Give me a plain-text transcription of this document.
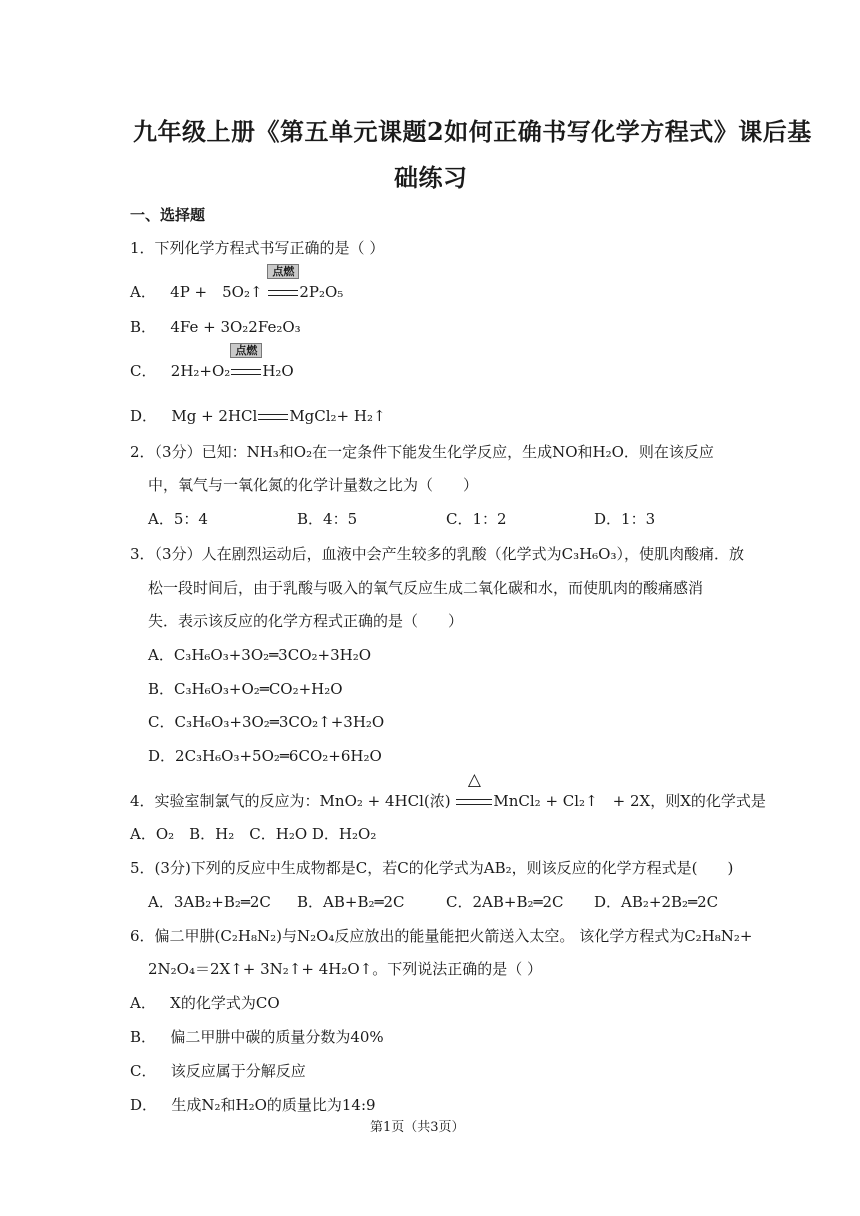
九年级上册《第五单元课题2如何正确书写化学方程式》课后基
础练习
一、选择题
1．下列化学方程式书写正确的是（ ）
A． 4P +　5O₂↑
点燃
2P₂O₅
B． 4Fe + 3O₂2Fe₂O₃
C． 2H₂+O₂
点燃
H₂O
D． Mg + 2HCl MgCl₂+ H₂↑
2．（3分）已知：NH₃和O₂在一定条件下能发生化学反应，生成NO和H₂O．则在该反应
中，氧气与一氧化氮的化学计量数之比为（　　）
A．5：4	B．4：5	C．1：2	D．1：3
3．（3分）人在剧烈运动后，血液中会产生较多的乳酸（化学式为C₃H₆O₃），使肌肉酸痛．放
松一段时间后，由于乳酸与吸入的氧气反应生成二氧化碳和水，而使肌肉的酸痛感消
失．表示该反应的化学方程式正确的是（　　）
A．C₃H₆O₃+3O₂═3CO₂+3H₂O
B．C₃H₆O₃+O₂═CO₂+H₂O
C．C₃H₆O₃+3O₂═3CO₂↑+3H₂O
D．2C₃H₆O₃+5O₂═6CO₂+6H₂O
4．实验室制氯气的反应为：MnO₂ + 4HCl(浓)
△
MnCl₂ + Cl₂↑　+ 2X，则X的化学式是
A．O₂　B．H₂　C．H₂O D．H₂O₂
5．(3分)下列的反应中生成物都是C，若C的化学式为AB₂，则该反应的化学方程式是(　　)
A．3AB₂+B₂═2C B．AB+B₂═2C	C．2AB+B₂═2C D．AB₂+2B₂═2C
6．偏二甲肼(C₂H₈N₂)与N₂O₄反应放出的能量能把火箭送入太空。 该化学方程式为C₂H₈N₂+
2N₂O₄＝2X↑+ 3N₂↑+ 4H₂O↑。下列说法正确的是（ ）
A． X的化学式为CO
B． 偏二甲肼中碳的质量分数为40%
C． 该反应属于分解反应
D． 生成N₂和H₂O的质量比为14:9
第1页（共3页）
